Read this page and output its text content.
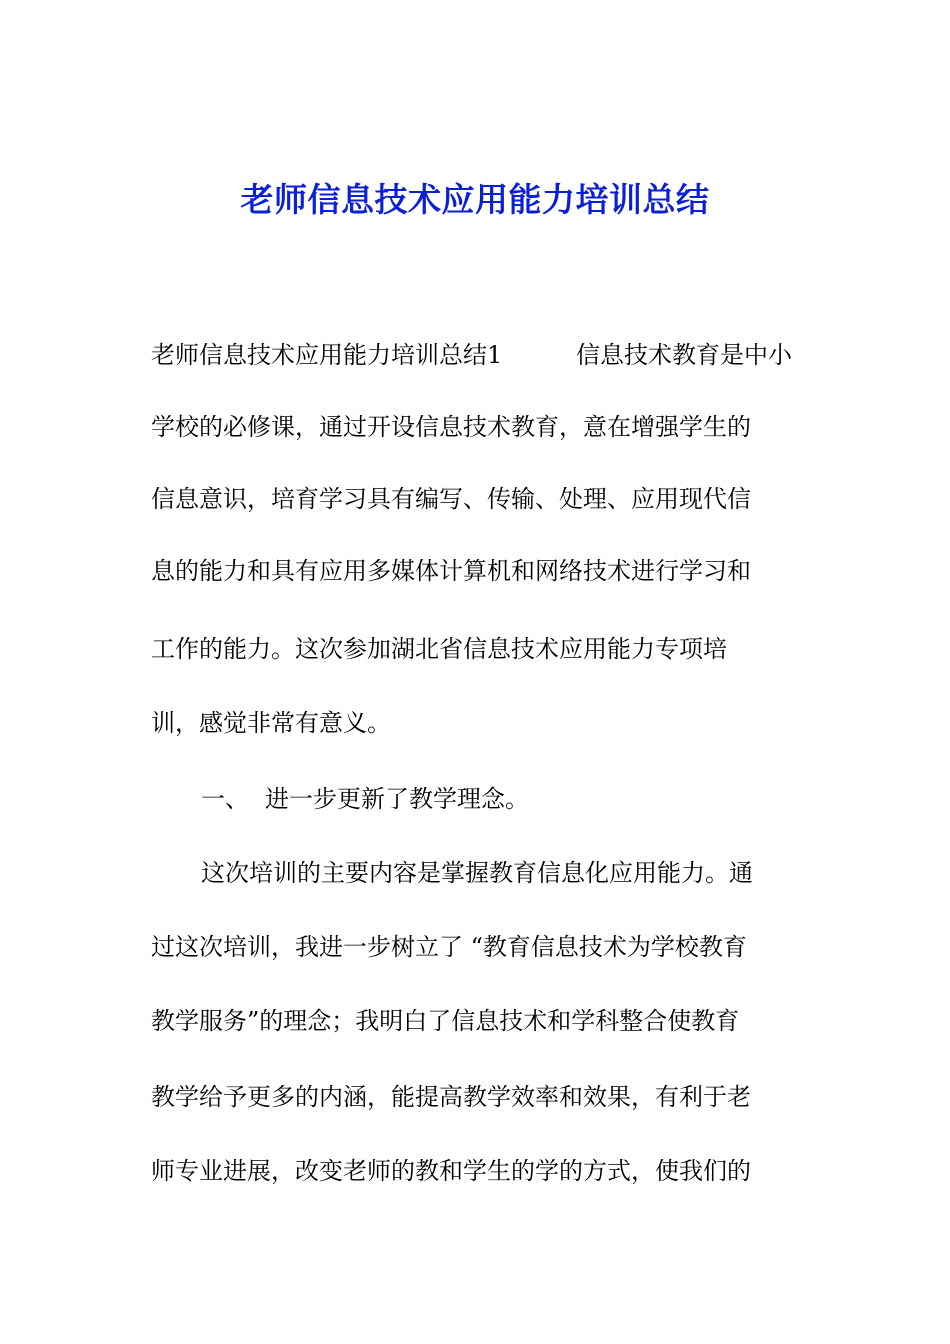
老师信息技术应用能力培训总结
老师信息技术应用能力培训总结1	信息技术教育是中小
学校的必修课，通过开设信息技术教育，意在增强学生的
信息意识，培育学习具有编写、传输、处理、应用现代信
息的能力和具有应用多媒体计算机和网络技术进行学习和
工作的能力。这次参加湖北省信息技术应用能力专项培
训，感觉非常有意义。
一、 进一步更新了教学理念。
这次培训的主要内容是掌握教育信息化应用能力。通
过这次培训，我进一步树立了 “教育信息技术为学校教育
教学服务”的理念；我明白了信息技术和学科整合使教育
教学给予更多的内涵，能提高教学效率和效果，有利于老
师专业进展，改变老师的教和学生的学的方式，使我们的
